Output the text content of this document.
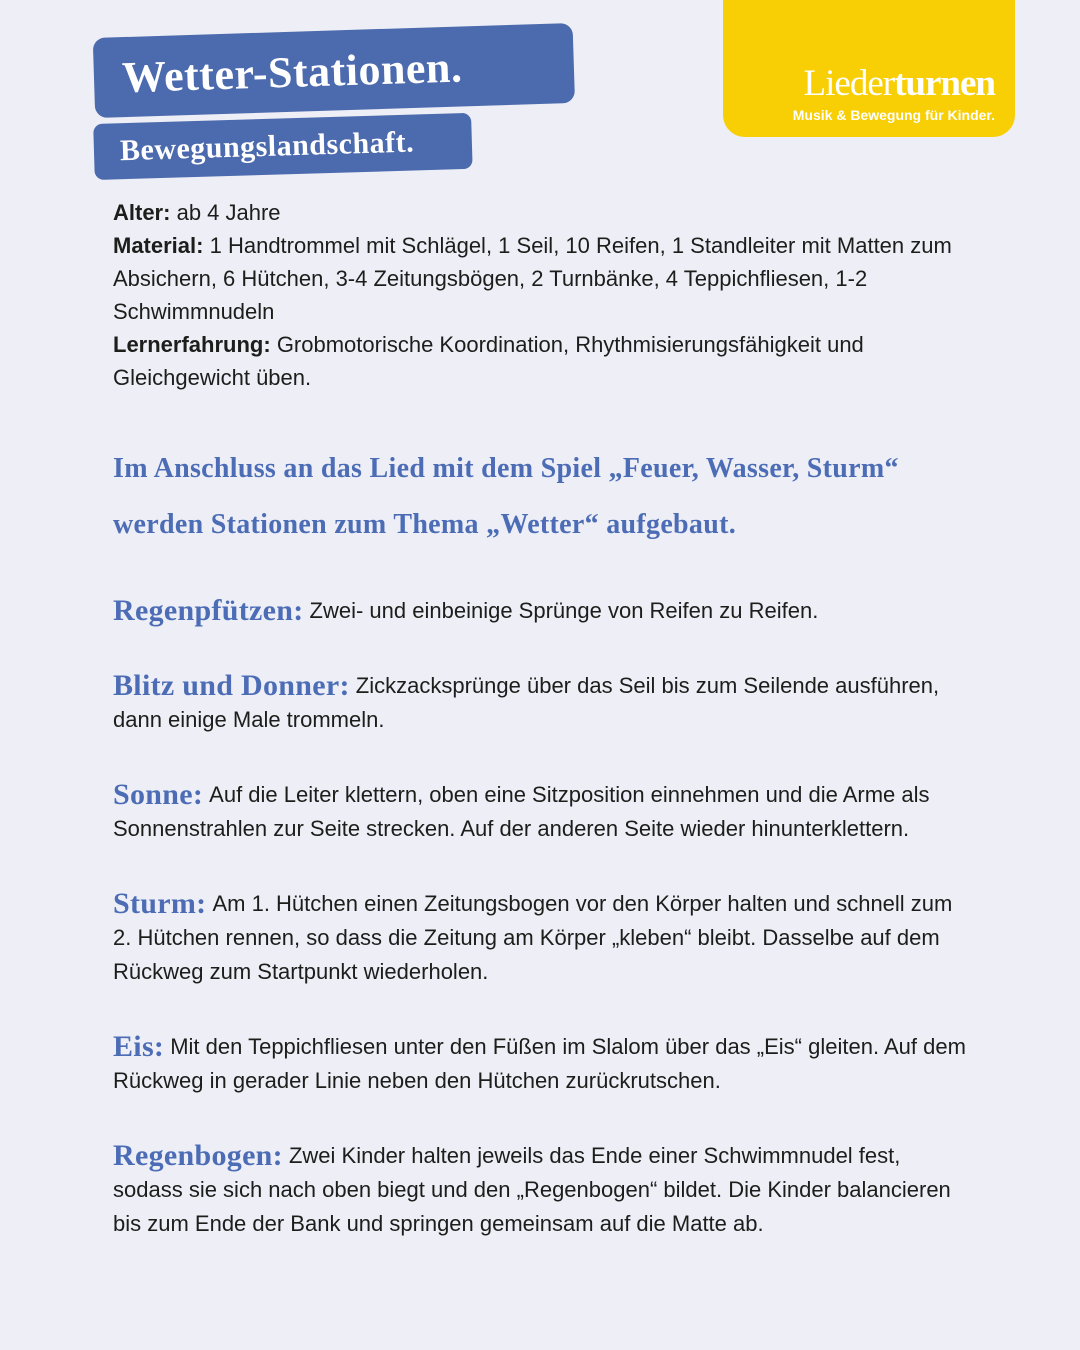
Liederturnen
Musik & Bewegung für Kinder.
Wetter-Stationen.
Bewegungslandschaft.

Alter: ab 4 Jahre

Material: 1 Handtrommel mit Schlägel, 1 Seil, 10 Reifen, 1 Standleiter mit Matten zum Absichern, 6 Hütchen, 3-4 Zeitungsbögen, 2 Turnbänke, 4 Teppichfliesen, 1-2 Schwimmnudeln

Lernerfahrung: Grobmotorische Koordination, Rhythmisierungsfähigkeit und Gleichgewicht üben.

Im Anschluss an das Lied mit dem Spiel „Feuer, Wasser, Sturm“ werden Stationen zum Thema „Wetter“ aufgebaut.

Regenpfützen: Zwei- und einbeinige Sprünge von Reifen zu Reifen.

Blitz und Donner: Zickzacksprünge über das Seil bis zum Seilende ausführen, dann einige Male trommeln.

Sonne: Auf die Leiter klettern, oben eine Sitzposition einnehmen und die Arme als Sonnenstrahlen zur Seite strecken. Auf der anderen Seite wieder hinunterklettern.

Sturm: Am 1. Hütchen einen Zeitungsbogen vor den Körper halten und schnell zum 2. Hütchen rennen, so dass die Zeitung am Körper „kleben“ bleibt. Dasselbe auf dem Rückweg zum Startpunkt wiederholen.

Eis: Mit den Teppichfliesen unter den Füßen im Slalom über das „Eis“ gleiten. Auf dem Rückweg in gerader Linie neben den Hütchen zurückrutschen.

Regenbogen: Zwei Kinder halten jeweils das Ende einer Schwimmnudel fest, sodass sie sich nach oben biegt und den „Regenbogen“ bildet. Die Kinder balancieren bis zum Ende der Bank und springen gemeinsam auf die Matte ab.
